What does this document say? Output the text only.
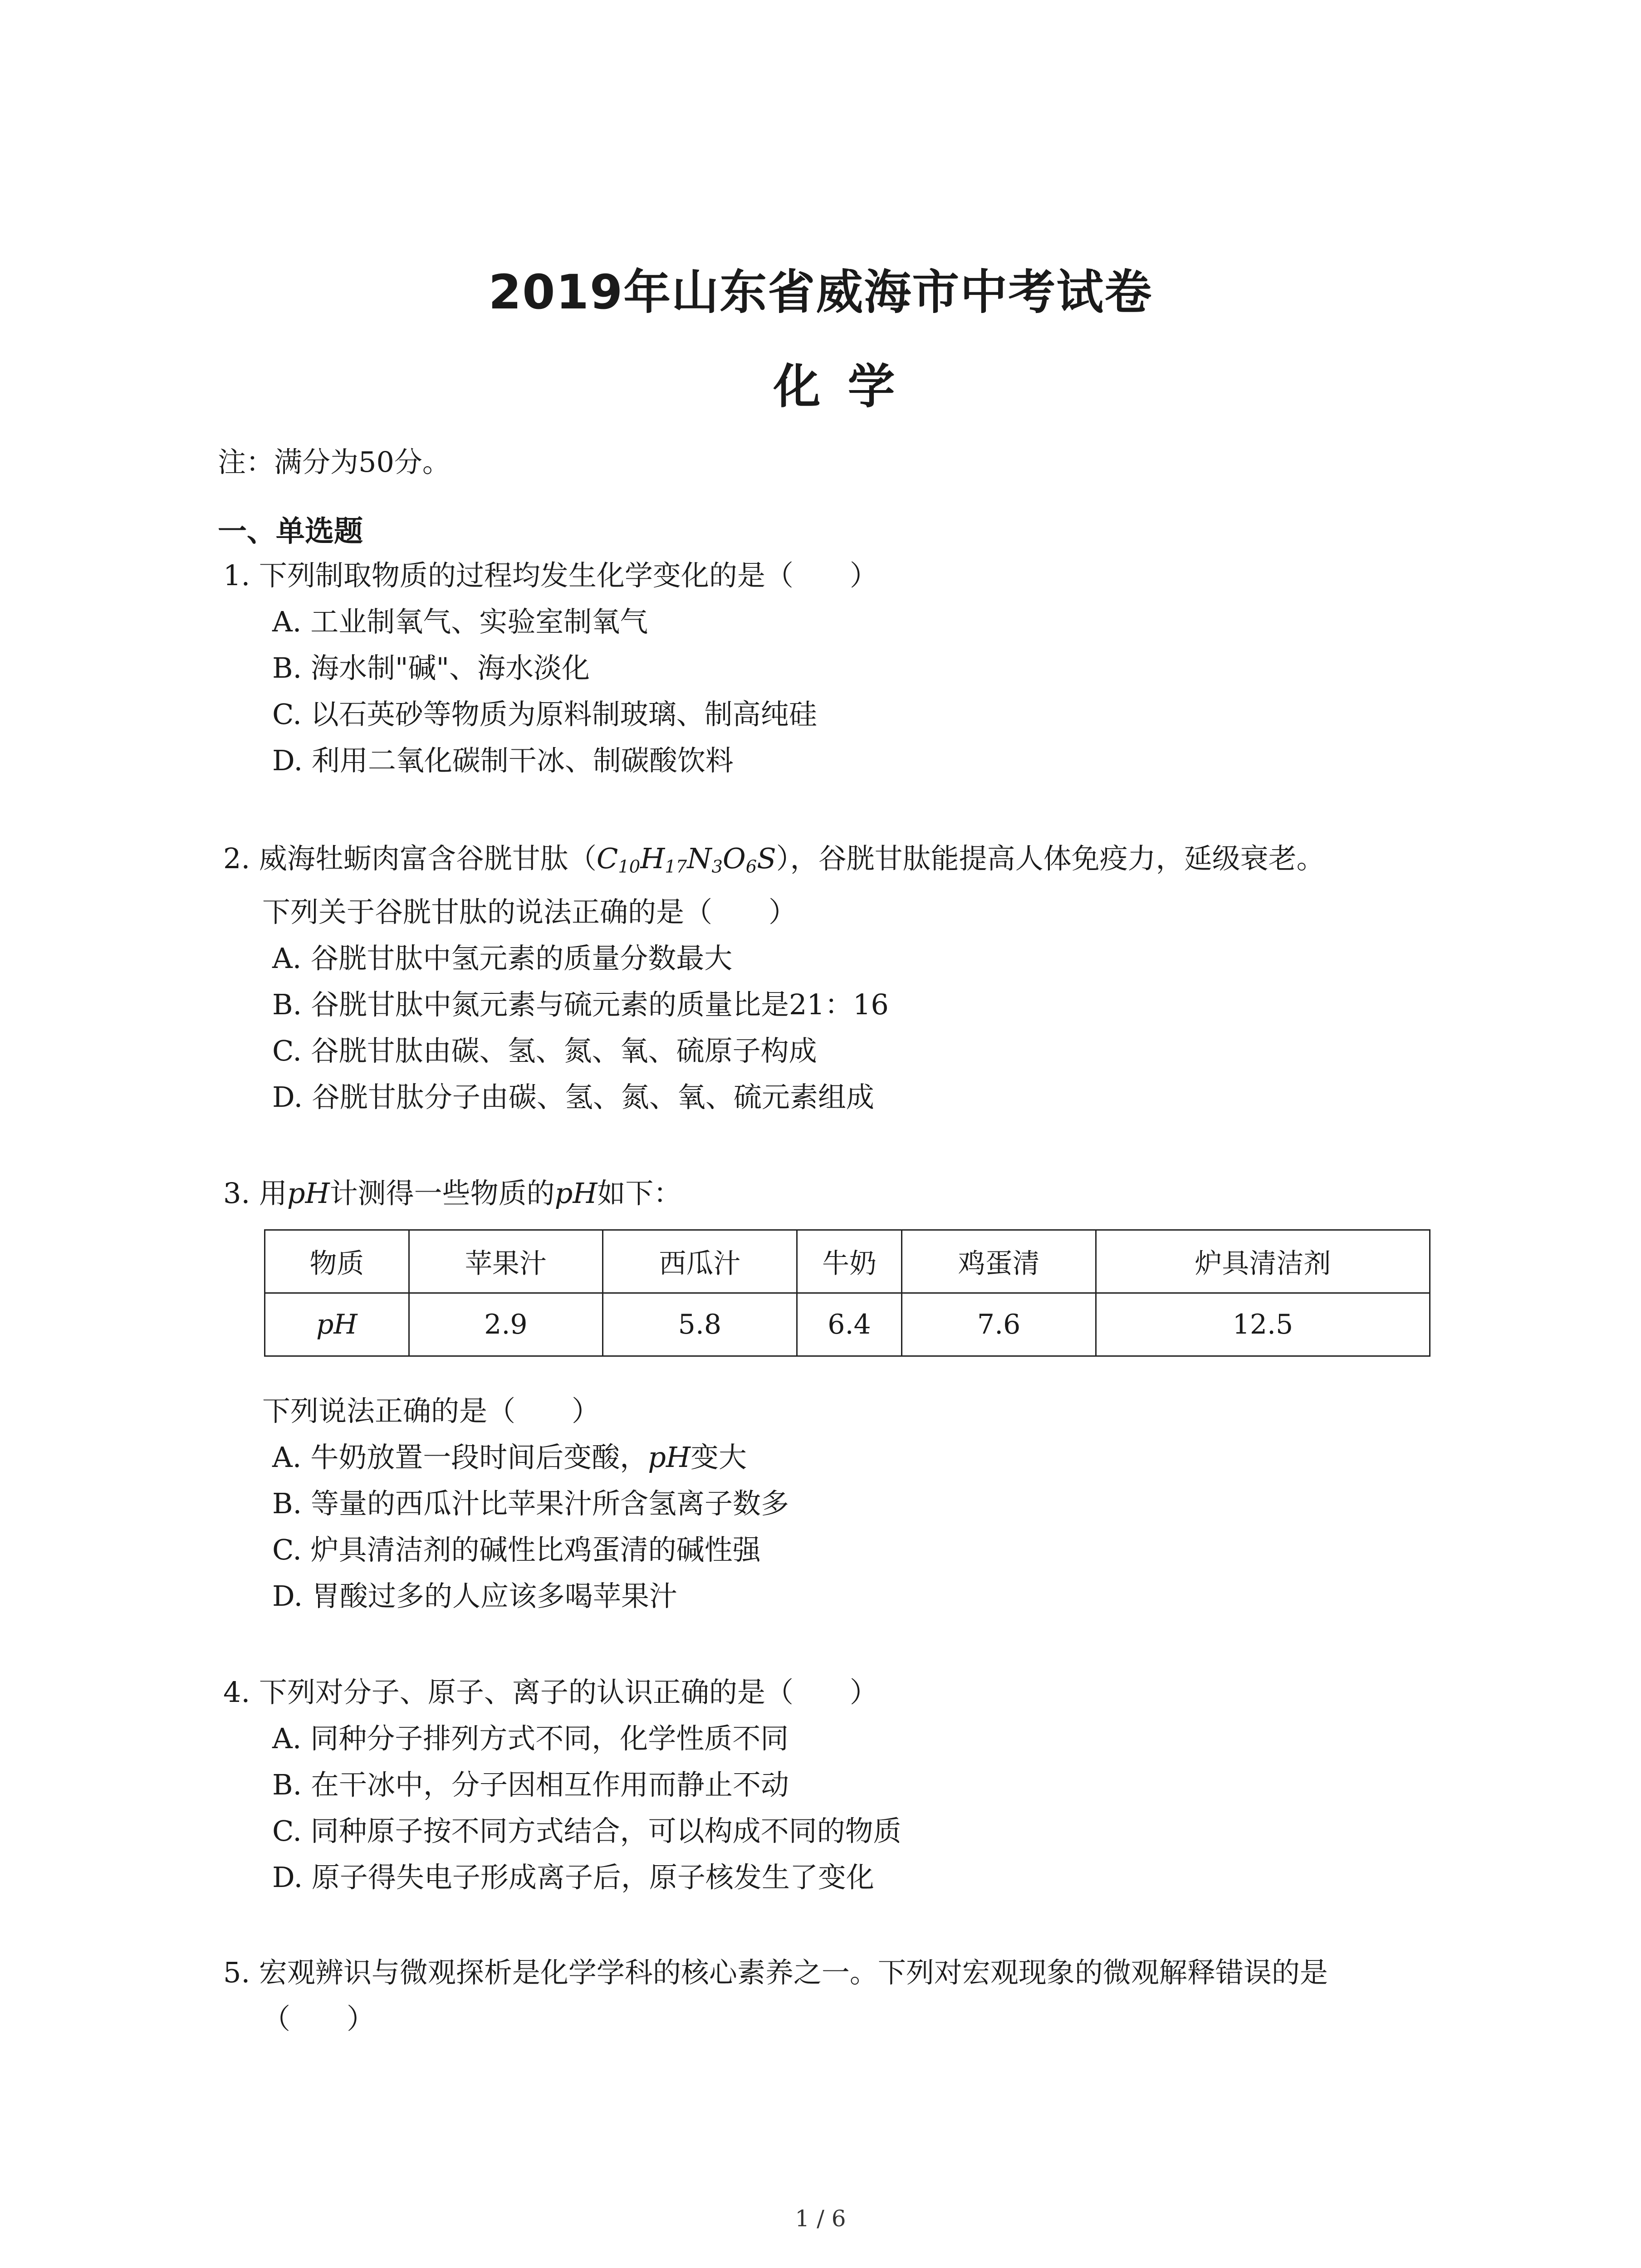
2019年山东省威海市中考试卷
化学
注：满分为50分。
一、单选题
1. 下列制取物质的过程均发生化学变化的是（　　）
A. 工业制氧气、实验室制氧气
B. 海水制"碱"、海水淡化
C. 以石英砂等物质为原料制玻璃、制高纯硅
D. 利用二氧化碳制干冰、制碳酸饮料
2. 威海牡蛎肉富含谷胱甘肽$(C_{10}H_{17}N_3O_6S)$，谷胱甘肽能提高人体免疫力，延级衰老。
下列关于谷胱甘肽的说法正确的是（　　）
A. 谷胱甘肽中氢元素的质量分数最大
B. 谷胱甘肽中氮元素与硫元素的质量比是21：16
C. 谷胱甘肽由碳、氢、氮、氧、硫原子构成
D. 谷胱甘肽分子由碳、氢、氮、氧、硫元素组成
3. 用pH计测得一些物质的pH如下：
物质	苹果汁	西瓜汁	牛奶	鸡蛋清	炉具清洁剂
pH	2.9	5.8	6.4	7.6	12.5
下列说法正确的是（　　）
A. 牛奶放置一段时间后变酸，pH变大
B. 等量的西瓜汁比苹果汁所含氢离子数多
C. 炉具清洁剂的碱性比鸡蛋清的碱性强
D. 胃酸过多的人应该多喝苹果汁
4. 下列对分子、原子、离子的认识正确的是（　　）
A. 同种分子排列方式不同，化学性质不同
B. 在干冰中，分子因相互作用而静止不动
C. 同种原子按不同方式结合，可以构成不同的物质
D. 原子得失电子形成离子后，原子核发生了变化
5. 宏观辨识与微观探析是化学学科的核心素养之一。下列对宏观现象的微观解释错误的是
（　　）
1 / 6
